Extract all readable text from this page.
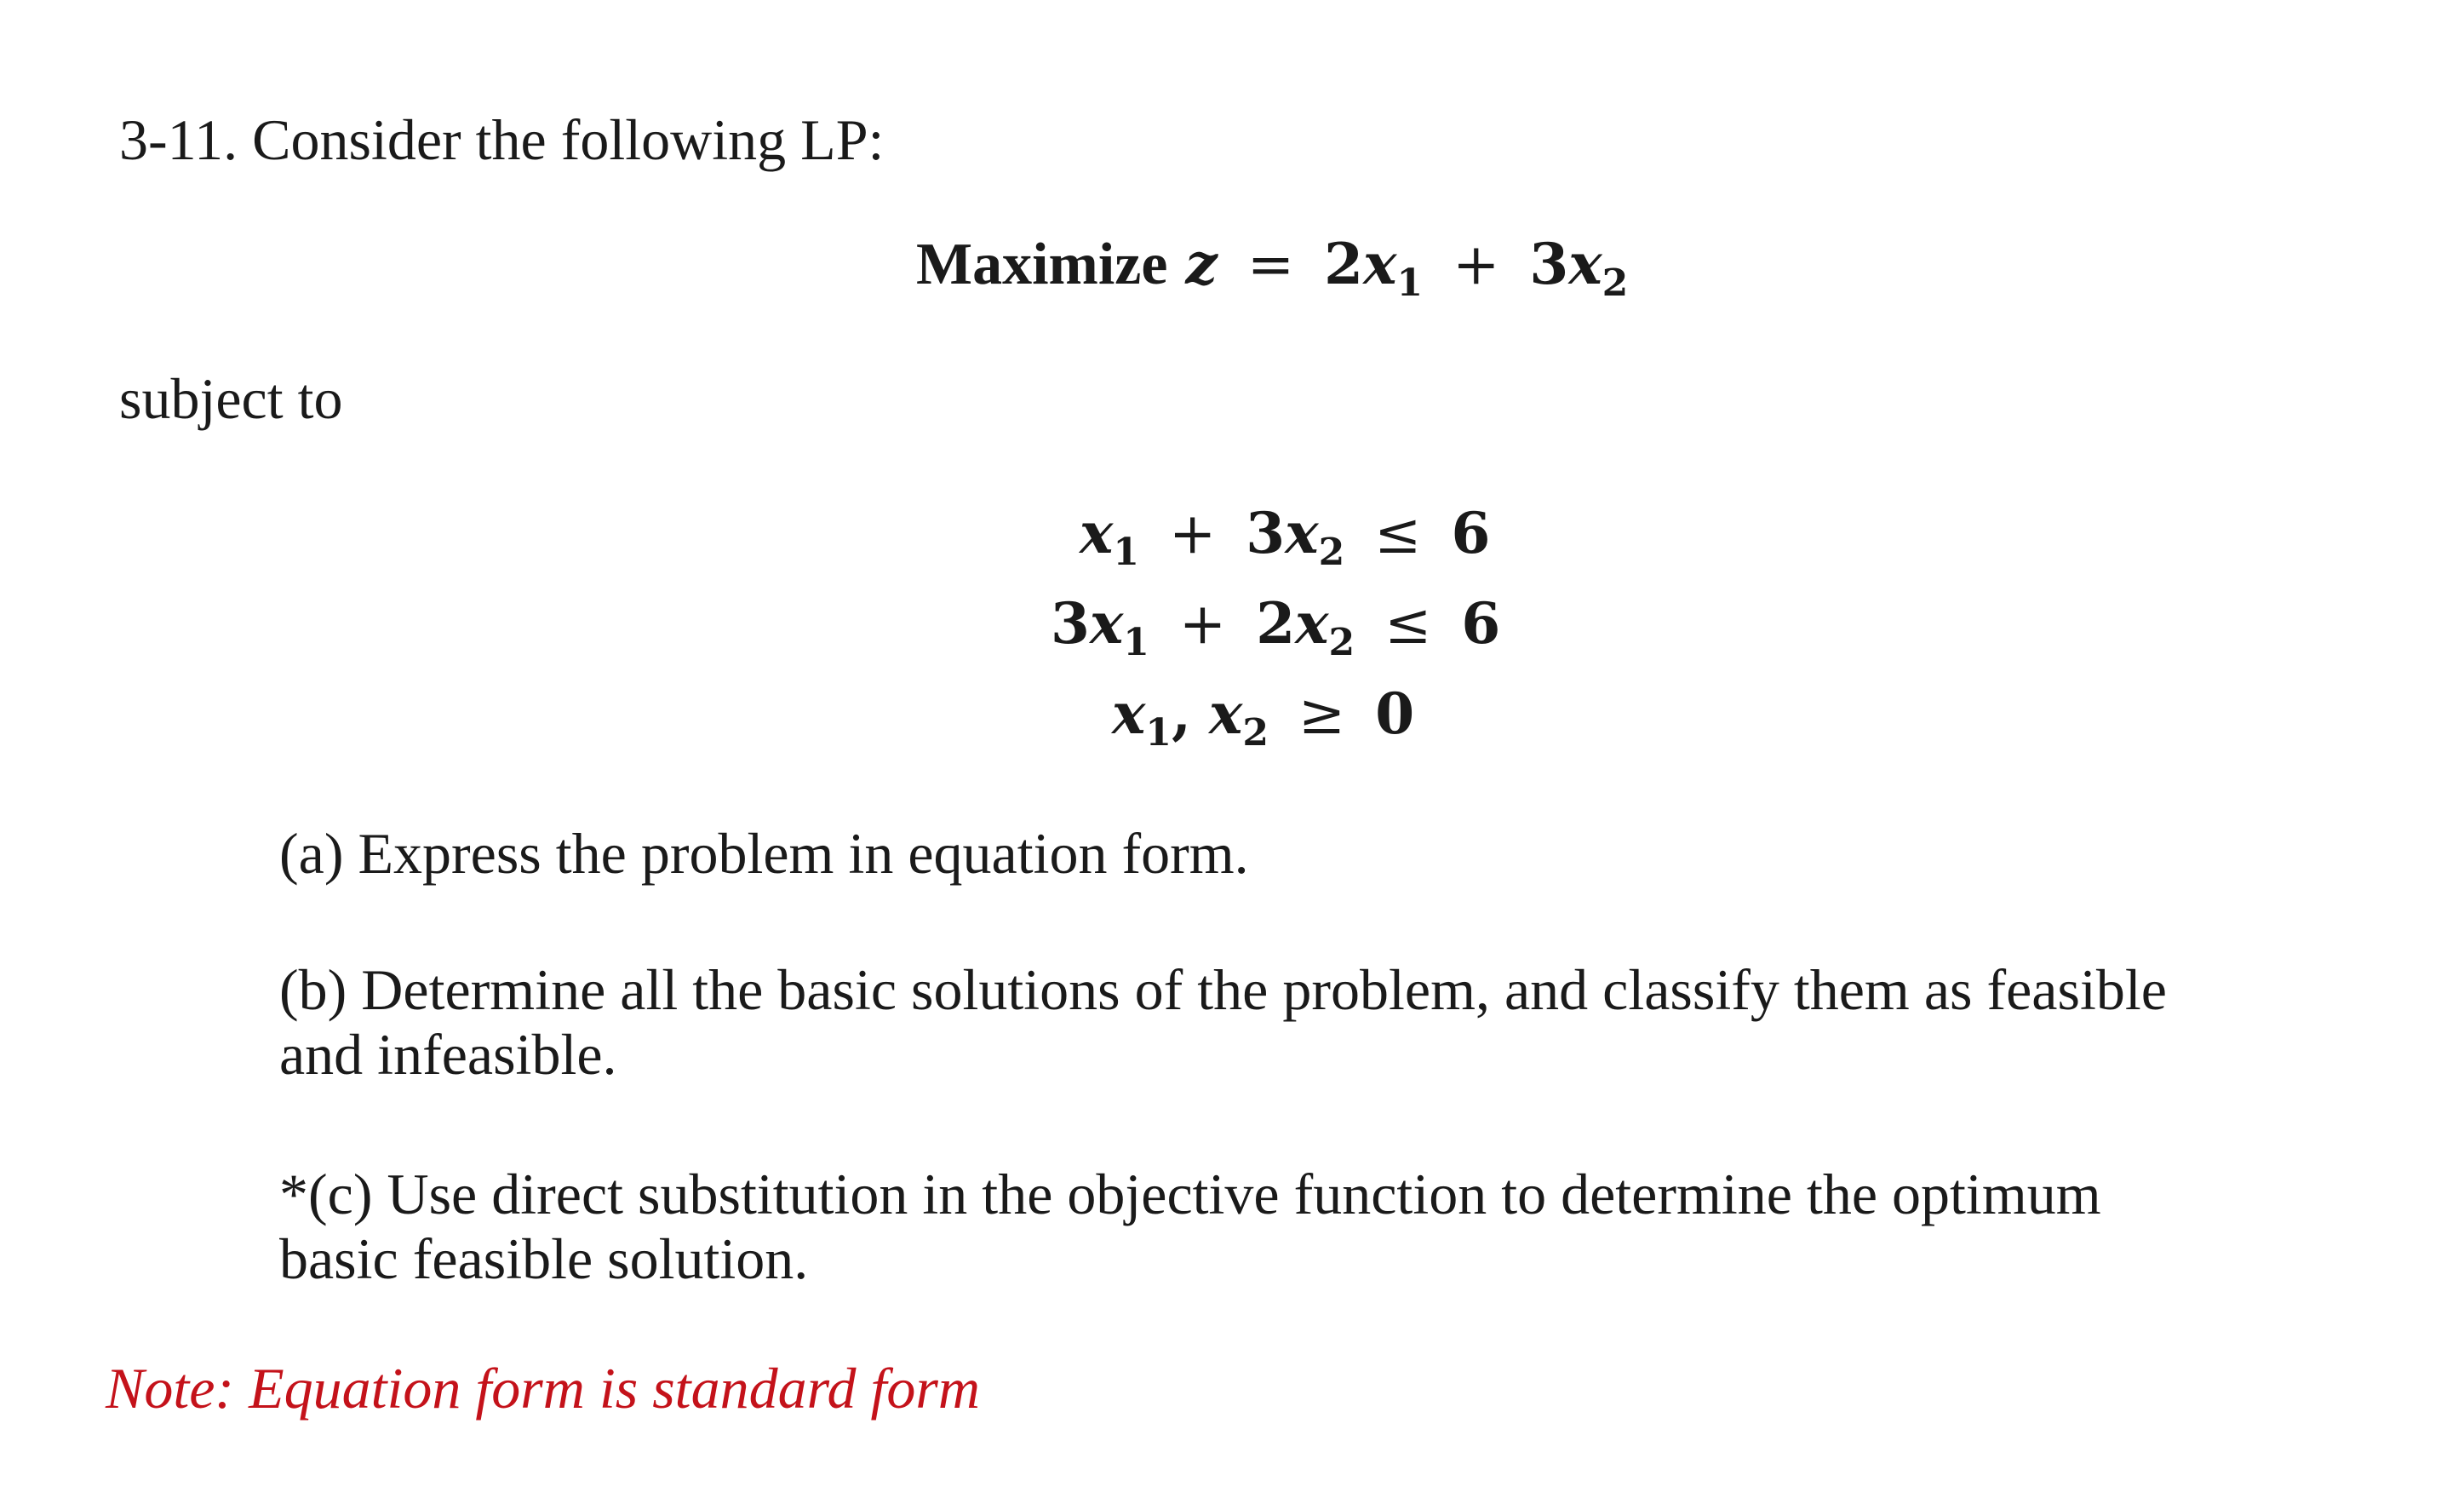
3-11. Consider the following LP:
Maximize $z = 2x_1 + 3x_2$
subject to
$x_1 + 3x_2 \le 6$
$3x_1 + 2x_2 \le 6$
$x_1$, $x_2 \ge 0$
(a) Express the problem in equation form.
(b) Determine all the basic solutions of the problem, and classify them as feasible
and infeasible.
*(c) Use direct substitution in the objective function to determine the optimum
basic feasible solution.
Note: Equation form is standard form
